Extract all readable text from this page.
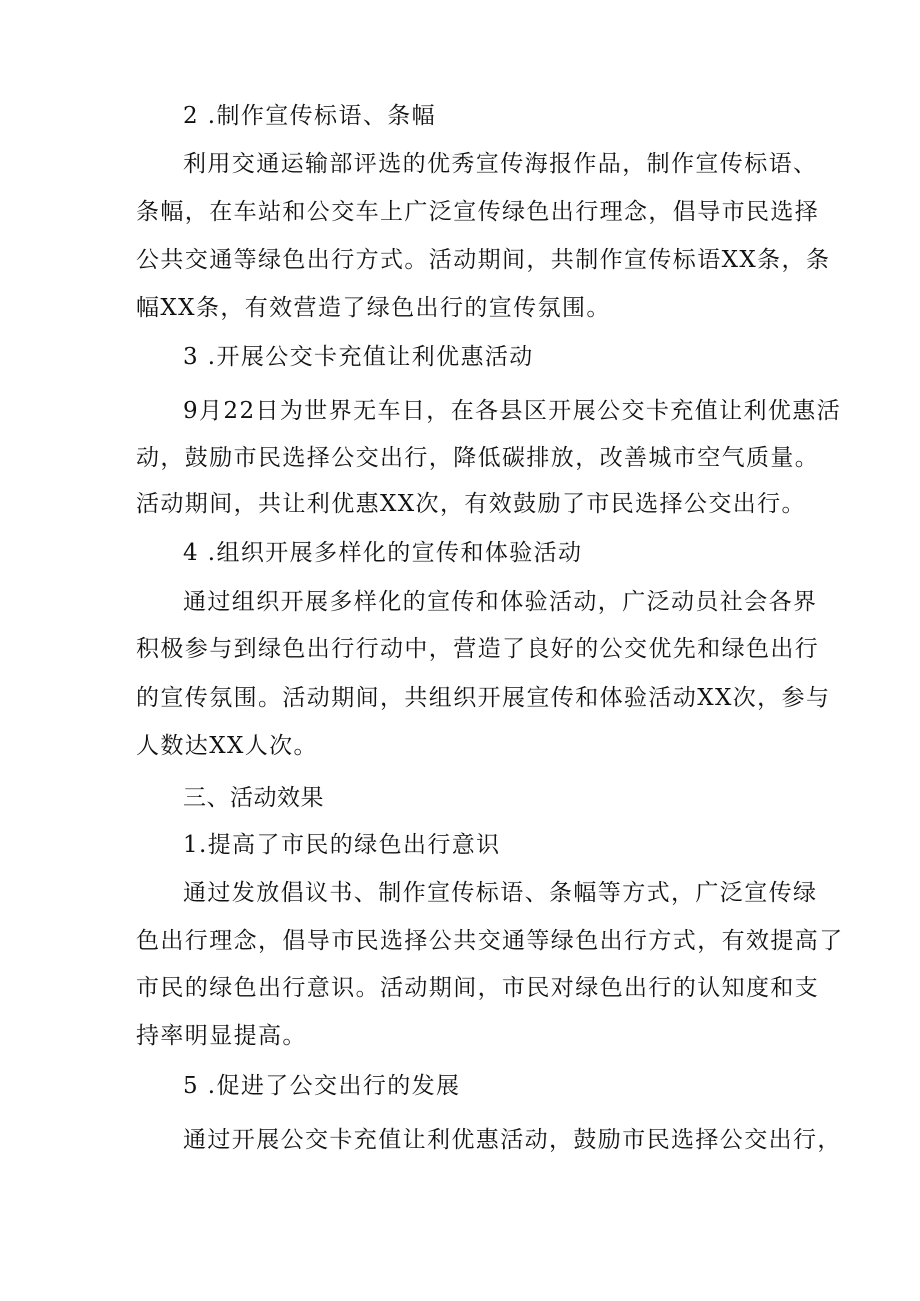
2 .制作宣传标语、条幅
利用交通运输部评选的优秀宣传海报作品，制作宣传标语、
条幅，在车站和公交车上广泛宣传绿色出行理念，倡导市民选择
公共交通等绿色出行方式。活动期间，共制作宣传标语XX条，条
幅XX条，有效营造了绿色出行的宣传氛围。
3 .开展公交卡充值让利优惠活动
9月22日为世界无车日，在各县区开展公交卡充值让利优惠活
动，鼓励市民选择公交出行，降低碳排放，改善城市空气质量。
活动期间，共让利优惠XX次，有效鼓励了市民选择公交出行。
4 .组织开展多样化的宣传和体验活动
通过组织开展多样化的宣传和体验活动，广泛动员社会各界
积极参与到绿色出行行动中，营造了良好的公交优先和绿色出行
的宣传氛围。活动期间，共组织开展宣传和体验活动XX次，参与
人数达XX人次。
三、活动效果
1.提高了市民的绿色出行意识
通过发放倡议书、制作宣传标语、条幅等方式，广泛宣传绿
色出行理念，倡导市民选择公共交通等绿色出行方式，有效提高了
市民的绿色出行意识。活动期间，市民对绿色出行的认知度和支
持率明显提高。
5 .促进了公交出行的发展
通过开展公交卡充值让利优惠活动，鼓励市民选择公交出行，
